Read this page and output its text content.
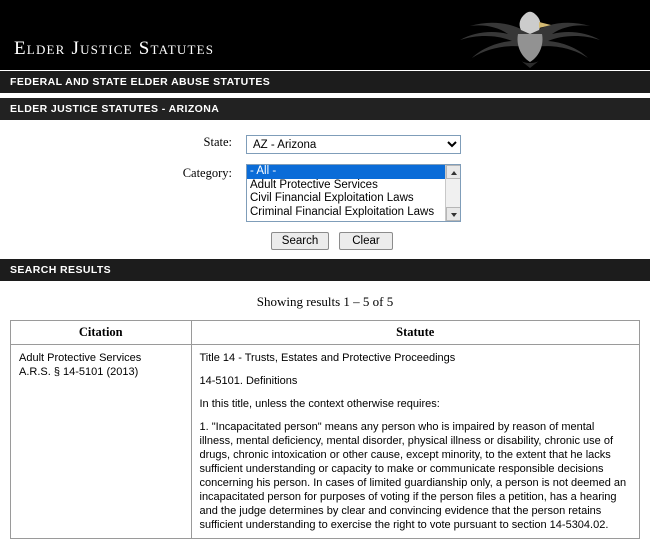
Elder Justice Statutes
FEDERAL AND STATE ELDER ABUSE STATUTES
ELDER JUSTICE STATUTES - ARIZONA
State:
AZ - Arizona
Category:	- All -
Adult Protective Services
Civil Financial Exploitation Laws
Criminal Financial Exploitation Laws
Search	Clear
SEARCH RESULTS
Showing results 1 – 5 of 5
Citation	Statute

Adult Protective Services
A.R.S. § 14-5101 (2013)

Title 14 - Trusts, Estates and Protective Proceedings

14-5101. Definitions

In this title, unless the context otherwise requires:

1. "Incapacitated person" means any person who is impaired by reason of mental illness, mental deficiency, mental disorder, physical illness or disability, chronic use of drugs, chronic intoxication or other cause, except minority, to the extent that he lacks sufficient understanding or capacity to make or communicate responsible decisions concerning his person. In cases of limited guardianship only, a person is not deemed an incapacitated person for purposes of voting if the person files a petition, has a hearing and the judge determines by clear and convincing evidence that the person retains sufficient understanding to exercise the right to vote pursuant to section 14-5304.02.
